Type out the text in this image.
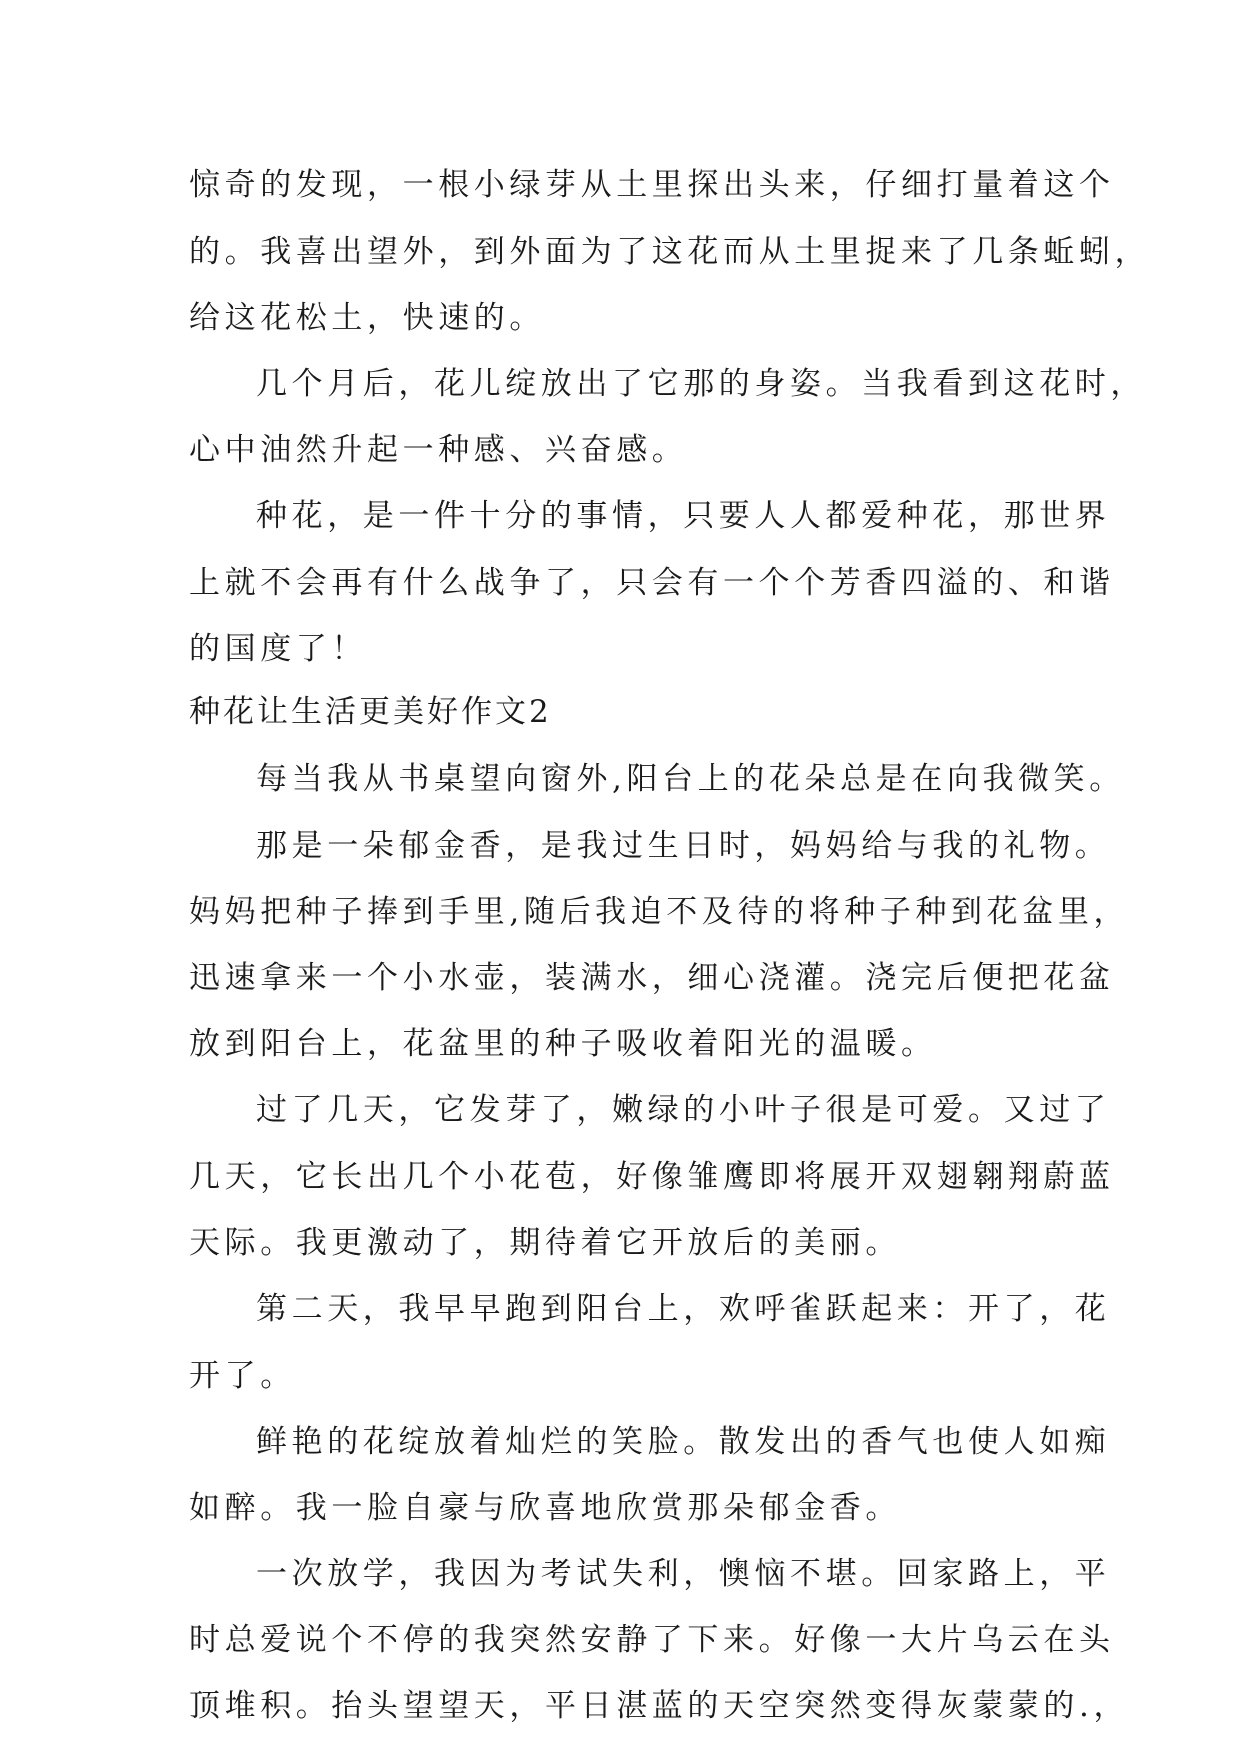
惊奇的发现，一根小绿芽从土里探出头来，仔细打量着这个

的。我喜出望外，到外面为了这花而从土里捉来了几条蚯蚓，

给这花松土，快速的。

几个月后，花儿绽放出了它那的身姿。当我看到这花时，

心中油然升起一种感、兴奋感。

种花，是一件十分的事情，只要人人都爱种花，那世界

上就不会再有什么战争了，只会有一个个芳香四溢的、和谐

的国度了！

种花让生活更美好作文2

每当我从书桌望向窗外,阳台上的花朵总是在向我微笑。

那是一朵郁金香，是我过生日时，妈妈给与我的礼物。

妈妈把种子捧到手里,随后我迫不及待的将种子种到花盆里，

迅速拿来一个小水壶，装满水，细心浇灌。浇完后便把花盆

放到阳台上，花盆里的种子吸收着阳光的温暖。

过了几天，它发芽了，嫩绿的小叶子很是可爱。又过了

几天，它长出几个小花苞，好像雏鹰即将展开双翅翱翔蔚蓝

天际。我更激动了，期待着它开放后的美丽。

第二天，我早早跑到阳台上，欢呼雀跃起来：开了，花

开了。

鲜艳的花绽放着灿烂的笑脸。散发出的香气也使人如痴

如醉。我一脸自豪与欣喜地欣赏那朵郁金香。

一次放学，我因为考试失利，懊恼不堪。回家路上，平

时总爱说个不停的我突然安静了下来。好像一大片乌云在头

顶堆积。抬头望望天，平日湛蓝的天空突然变得灰蒙蒙的.，
